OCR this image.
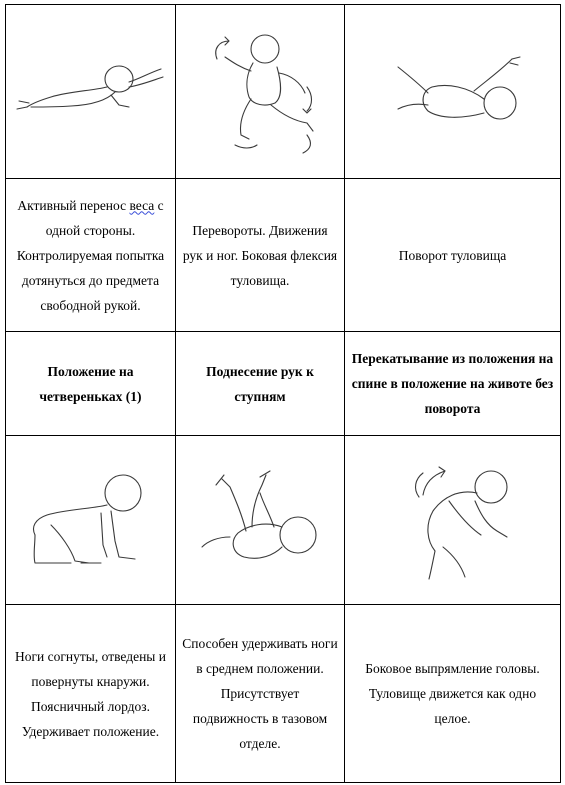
Активный перенос веса с одной стороны. Контролируемая попытка дотянуться до предмета свободной рукой.	Перевороты. Движения рук и ног. Боковая флексия туловища.	Поворот туловища
Положение на четвереньках (1)	Поднесение рук к ступням	Перекатывание из положения на спине в положение на животе без поворота

Ноги согнуты, отведены и повернуты кнаружи. Поясничный лордоз. Удерживает положение.	Способен удерживать ноги в среднем положении. Присутствует подвижность в тазовом отделе.	Боковое выпрямление головы. Туловище движется как одно целое.
